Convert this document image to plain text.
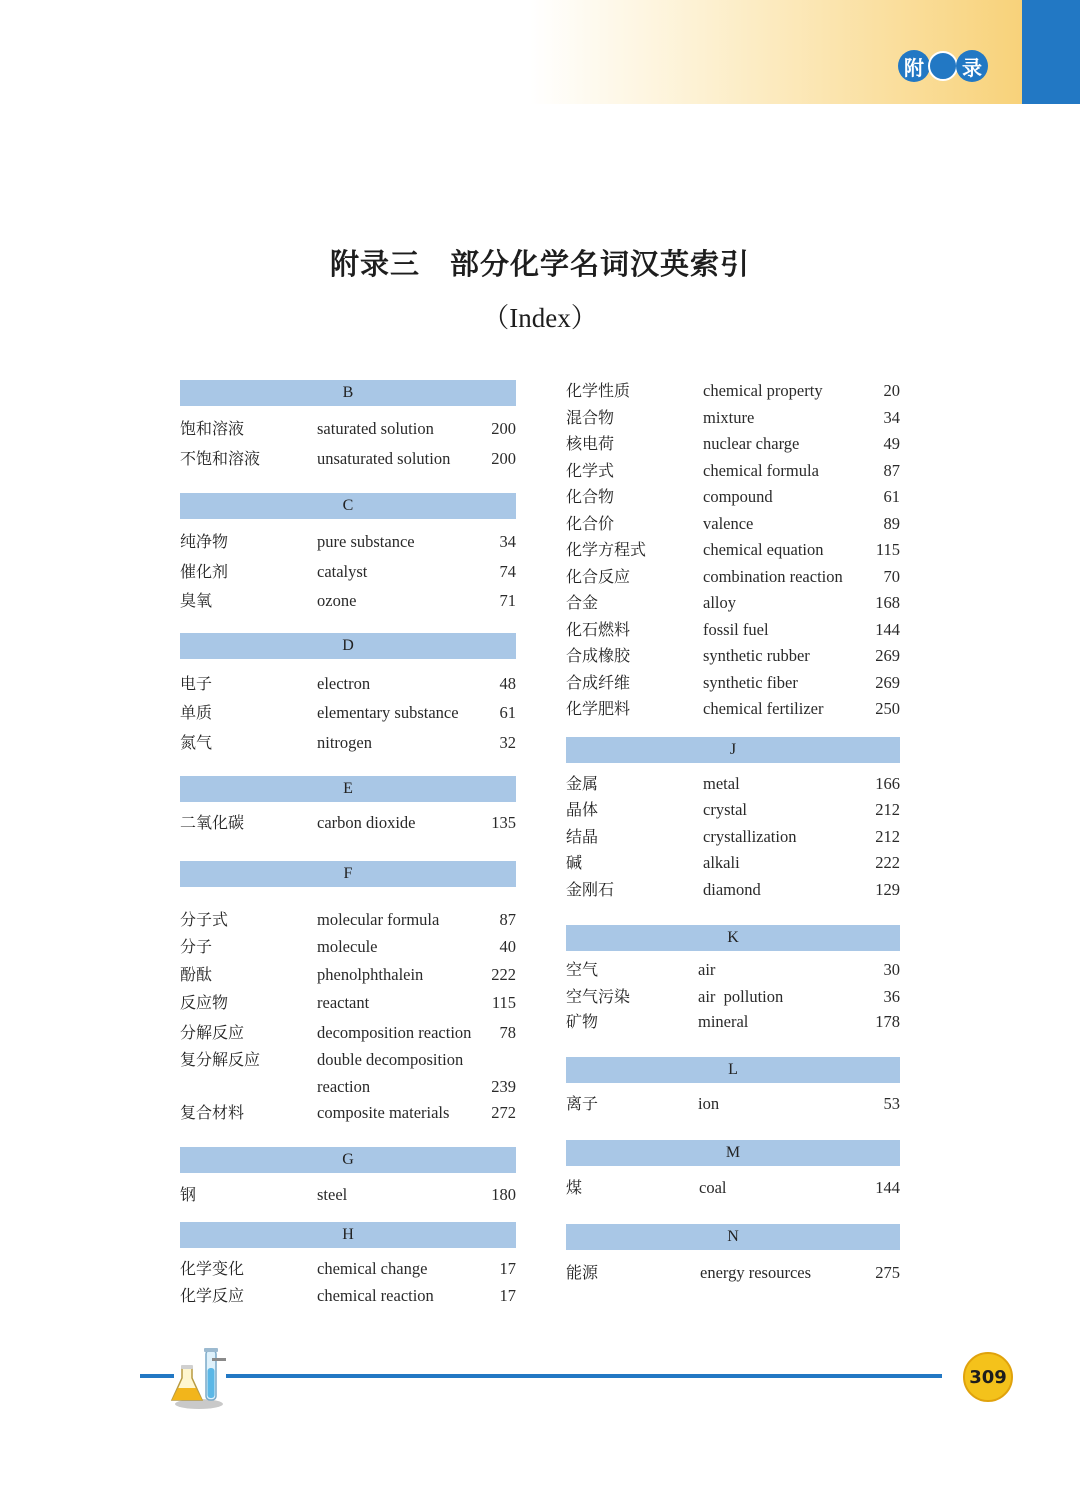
附	录
附录三　部分化学名词汉英索引
（Index）
B
饱和溶液	saturated solution	200
不饱和溶液	unsaturated solution	200
C
纯净物	pure substance	34
催化剂	catalyst	74
臭氧	ozone	71
D
电子	electron	48
单质	elementary substance	61
氮气	nitrogen	32
E
二氧化碳	carbon dioxide	135
F
分子式	molecular formula	87
分子	molecule	40
酚酞	phenolphthalein	222
反应物	reactant	115
分解反应	decomposition reaction	78
复分解反应	double decomposition reaction	239
复合材料	composite materials	272
G
钢	steel	180
H
化学变化	chemical change	17
化学反应	chemical reaction	17
化学性质	chemical property	20
混合物	mixture	34
核电荷	nuclear charge	49
化学式	chemical formula	87
化合物	compound	61
化合价	valence	89
化学方程式	chemical equation	115
化合反应	combination reaction	70
合金	alloy	168
化石燃料	fossil fuel	144
合成橡胶	synthetic rubber	269
合成纤维	synthetic fiber	269
化学肥料	chemical fertilizer	250
J
金属	metal	166
晶体	crystal	212
结晶	crystallization	212
碱	alkali	222
金刚石	diamond	129
K
空气	air	30
空气污染	air  pollution	36
矿物	mineral	178
L
离子	ion	53
M
煤	coal	144
N
能源	energy resources	275
309
